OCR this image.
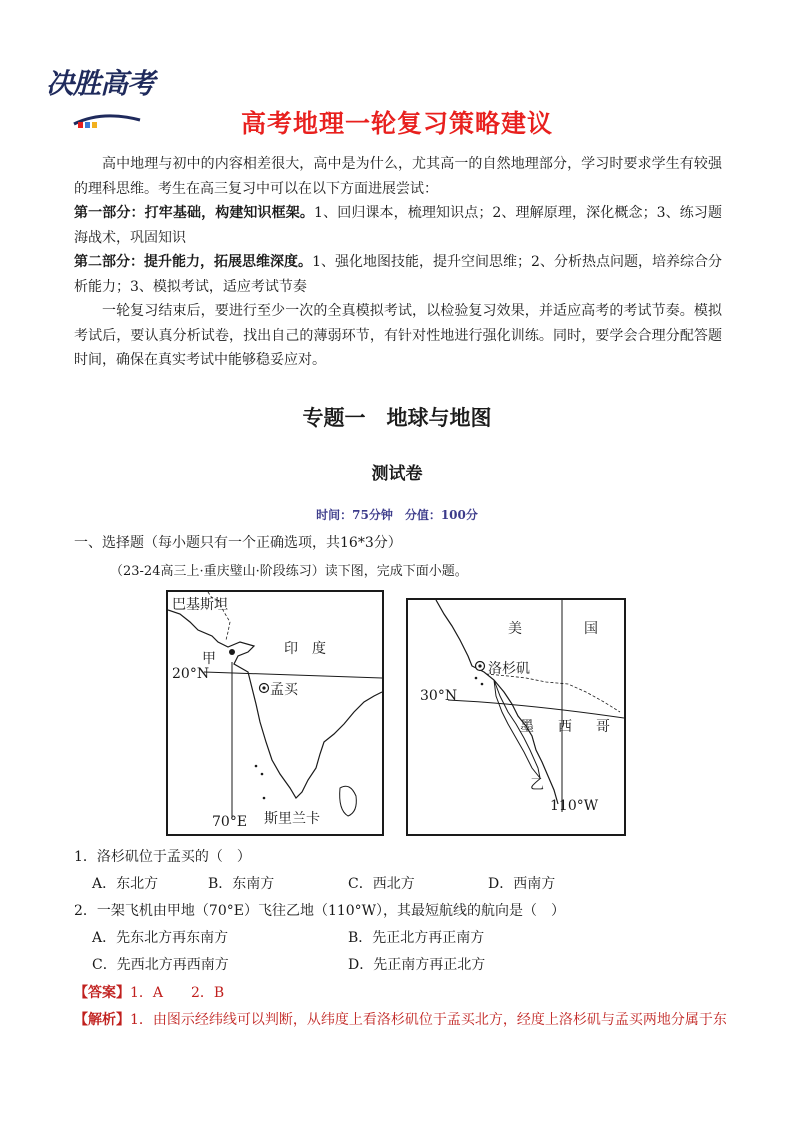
决胜高考
高考地理一轮复习策略建议
高中地理与初中的内容相差很大，高中是为什么，尤其高一的自然地理部分，学习时要求学生有较强的理科思维。考生在高三复习中可以在以下方面进展尝试：
第一部分：打牢基础，构建知识框架。1、回归课本，梳理知识点；2、理解原理，深化概念；3、练习题海战术，巩固知识
第二部分：提升能力，拓展思维深度。1、强化地图技能，提升空间思维；2、分析热点问题，培养综合分析能力；3、模拟考试，适应考试节奏
一轮复习结束后，要进行至少一次的全真模拟考试，以检验复习效果，并适应高考的考试节奏。模拟考试后，要认真分析试卷，找出自己的薄弱环节，有针对性地进行强化训练。同时，要学会合理分配答题时间，确保在真实考试中能够稳妥应对。
专题一　地球与地图
测试卷
时间：75分钟　分值：100分
一、选择题（每小题只有一个正确选项，共16*3分）
（23-24高三上·重庆璧山·阶段练习）读下图，完成下面小题。
巴基斯坦
甲
印　度
20°N
孟买
70°E 斯里兰卡
美	国
洛杉矶
30°N
墨 西 哥
乙
110°W
1．洛杉矶位于孟买的（　）
A．东北方	B．东南方	C．西北方	D．西南方
2．一架飞机由甲地（70°E）飞往乙地（110°W），其最短航线的航向是（　）
A．先东北方再东南方	B．先正北方再正南方
C．先西北方再西南方	D．先正南方再正北方
【答案】1．A　　2．B
【解析】1．由图示经纬线可以判断，从纬度上看洛杉矶位于孟买北方，经度上洛杉矶与孟买两地分属于东
